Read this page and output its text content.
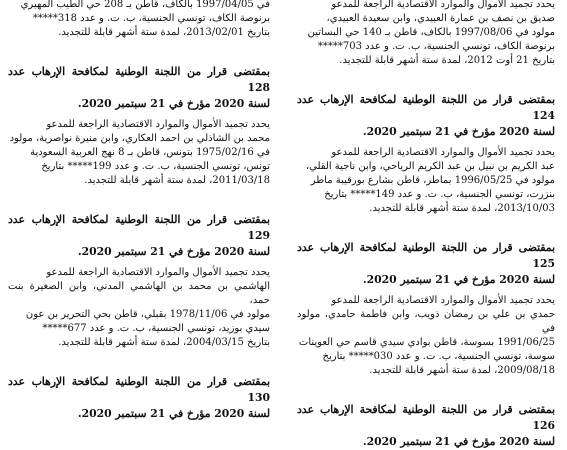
يحدد تجميد الأموال والموارد الاقتصادية الراجعة للمدعو

صديق بن نصف بن عمارة العبيدي، وابن سعيدة العبيدي،

مولود في 1997/08/06 بالكاف، قاطن بـ 140 حي البساتين

برنوصة الكاف، تونسي الجنسية، ب. ت. و عدد 703*****

بتاريخ 21 أوت 2012، لمدة ستة أشهر قابلة للتجديد.

بمقتضى قرار من اللجنة الوطنية لمكافحة الإرهاب عدد 124

لسنة 2020 مؤرخ في 21 سبتمبر 2020.

يحدد تجميد الأموال والموارد الاقتصادية الراجعة للمدعو

عبد الكريم بن نبيل بن عبد الكريم الرياحي، وابن ناجية القلي،

مولود في 1996/05/25 بماطر، قاطن بشارع بورقيبة ماطر

بنزرت، تونسي الجنسية، ب. ت. و عدد 149***** بتاريخ

2013/10/03، لمدة ستة أشهر قابلة للتجديد.

بمقتضى قرار من اللجنة الوطنية لمكافحة الإرهاب عدد 125

لسنة 2020 مؤرخ في 21 سبتمبر 2020.

يحدد تجميد الأموال والموارد الاقتصادية الراجعة للمدعو

حمدي بن علي بن رمضان ذويب، وابن فاطمة حامدي، مولود في

1991/06/25 بسوسة، قاطن بوادي سيدي قاسم حي العوينات

سوسة، تونسي الجنسية، ب. ت. و عدد 030***** بتاريخ

2009/08/18، لمدة ستة أشهر قابلة للتجديد.

بمقتضى قرار من اللجنة الوطنية لمكافحة الإرهاب عدد 126

لسنة 2020 مؤرخ في 21 سبتمبر 2020.

في 1997/04/05 بالكاف، قاطن بـ 208 حي الطيب المهيري

برنوصة الكاف، تونسي الجنسية، ب. ت. و عدد 318*****

بتاريخ 2013/02/01، لمدة ستة أشهر قابلة للتجديد.

بمقتضى قرار من اللجنة الوطنية لمكافحة الإرهاب عدد 128

لسنة 2020 مؤرخ في 21 سبتمبر 2020.

يحدد تجميد الأموال والموارد الاقتصادية الراجعة للمدعو

محمد بن الشاذلي بن احمد العكاري، وابن منيرة نواصرية، مولود

في 1975/02/16 بتونس، قاطن بـ 8 نهج العربية السعودية

تونس، تونسي الجنسية، ب. ت. و عدد 199***** بتاريخ

2011/03/18، لمدة ستة أشهر قابلة للتجديد.

بمقتضى قرار من اللجنة الوطنية لمكافحة الإرهاب عدد 129

لسنة 2020 مؤرخ في 21 سبتمبر 2020.

يحدد تجميد الأموال والموارد الاقتصادية الراجعة للمدعو

الهاشمي بن محمد بن الهاشمي المدني، وابن الصغيرة بنت حمد،

مولود في 1978/11/06 بقبلي، قاطن بحي التحرير بن عون

سيدي بوزيد، تونسي الجنسية، ب. ت. و عدد 677*****

بتاريخ 2004/03/15، لمدة ستة أشهر قابلة للتجديد.

بمقتضى قرار من اللجنة الوطنية لمكافحة الإرهاب عدد 130

لسنة 2020 مؤرخ في 21 سبتمبر 2020.
